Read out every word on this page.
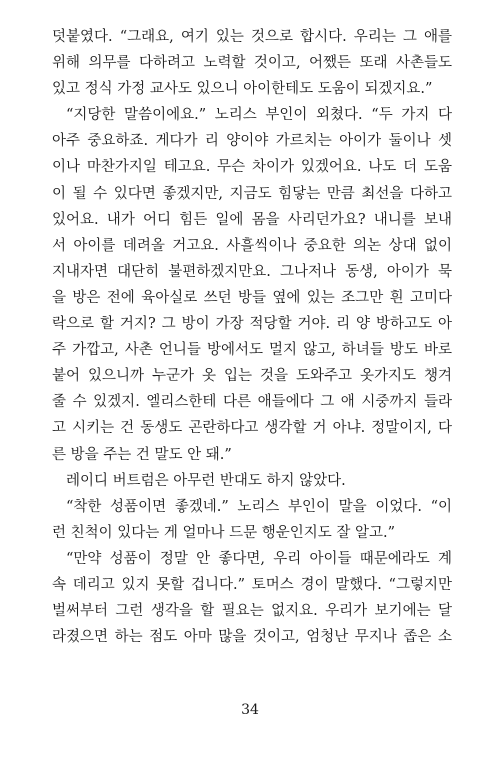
덧붙였다. “그래요, 여기 있는 것으로 합시다. 우리는 그 애를
위해 의무를 다하려고 노력할 것이고, 어쨌든 또래 사촌들도
있고 정식 가정 교사도 있으니 아이한테도 도움이 되겠지요.”
“지당한 말씀이에요.” 노리스 부인이 외쳤다. “두 가지 다
아주 중요하죠. 게다가 리 양이야 가르치는 아이가 둘이나 셋
이나 마찬가지일 테고요. 무슨 차이가 있겠어요. 나도 더 도움
이 될 수 있다면 좋겠지만, 지금도 힘닿는 만큼 최선을 다하고
있어요. 내가 어디 힘든 일에 몸을 사리던가요? 내니를 보내
서 아이를 데려올 거고요. 사흘씩이나 중요한 의논 상대 없이
지내자면 대단히 불편하겠지만요. 그나저나 동생, 아이가 묵
을 방은 전에 육아실로 쓰던 방들 옆에 있는 조그만 흰 고미다
락으로 할 거지? 그 방이 가장 적당할 거야. 리 양 방하고도 아
주 가깝고, 사촌 언니들 방에서도 멀지 않고, 하녀들 방도 바로
붙어 있으니까 누군가 옷 입는 것을 도와주고 옷가지도 챙겨
줄 수 있겠지. 엘리스한테 다른 애들에다 그 애 시중까지 들라
고 시키는 건 동생도 곤란하다고 생각할 거 아냐. 정말이지, 다
른 방을 주는 건 말도 안 돼.”
레이디 버트럼은 아무런 반대도 하지 않았다.
“착한 성품이면 좋겠네.” 노리스 부인이 말을 이었다. “이
런 친척이 있다는 게 얼마나 드문 행운인지도 잘 알고.”
“만약 성품이 정말 안 좋다면, 우리 아이들 때문에라도 계
속 데리고 있지 못할 겁니다.” 토머스 경이 말했다. “그렇지만
벌써부터 그런 생각을 할 필요는 없지요. 우리가 보기에는 달
라졌으면 하는 점도 아마 많을 것이고, 엄청난 무지나 좁은 소
34
